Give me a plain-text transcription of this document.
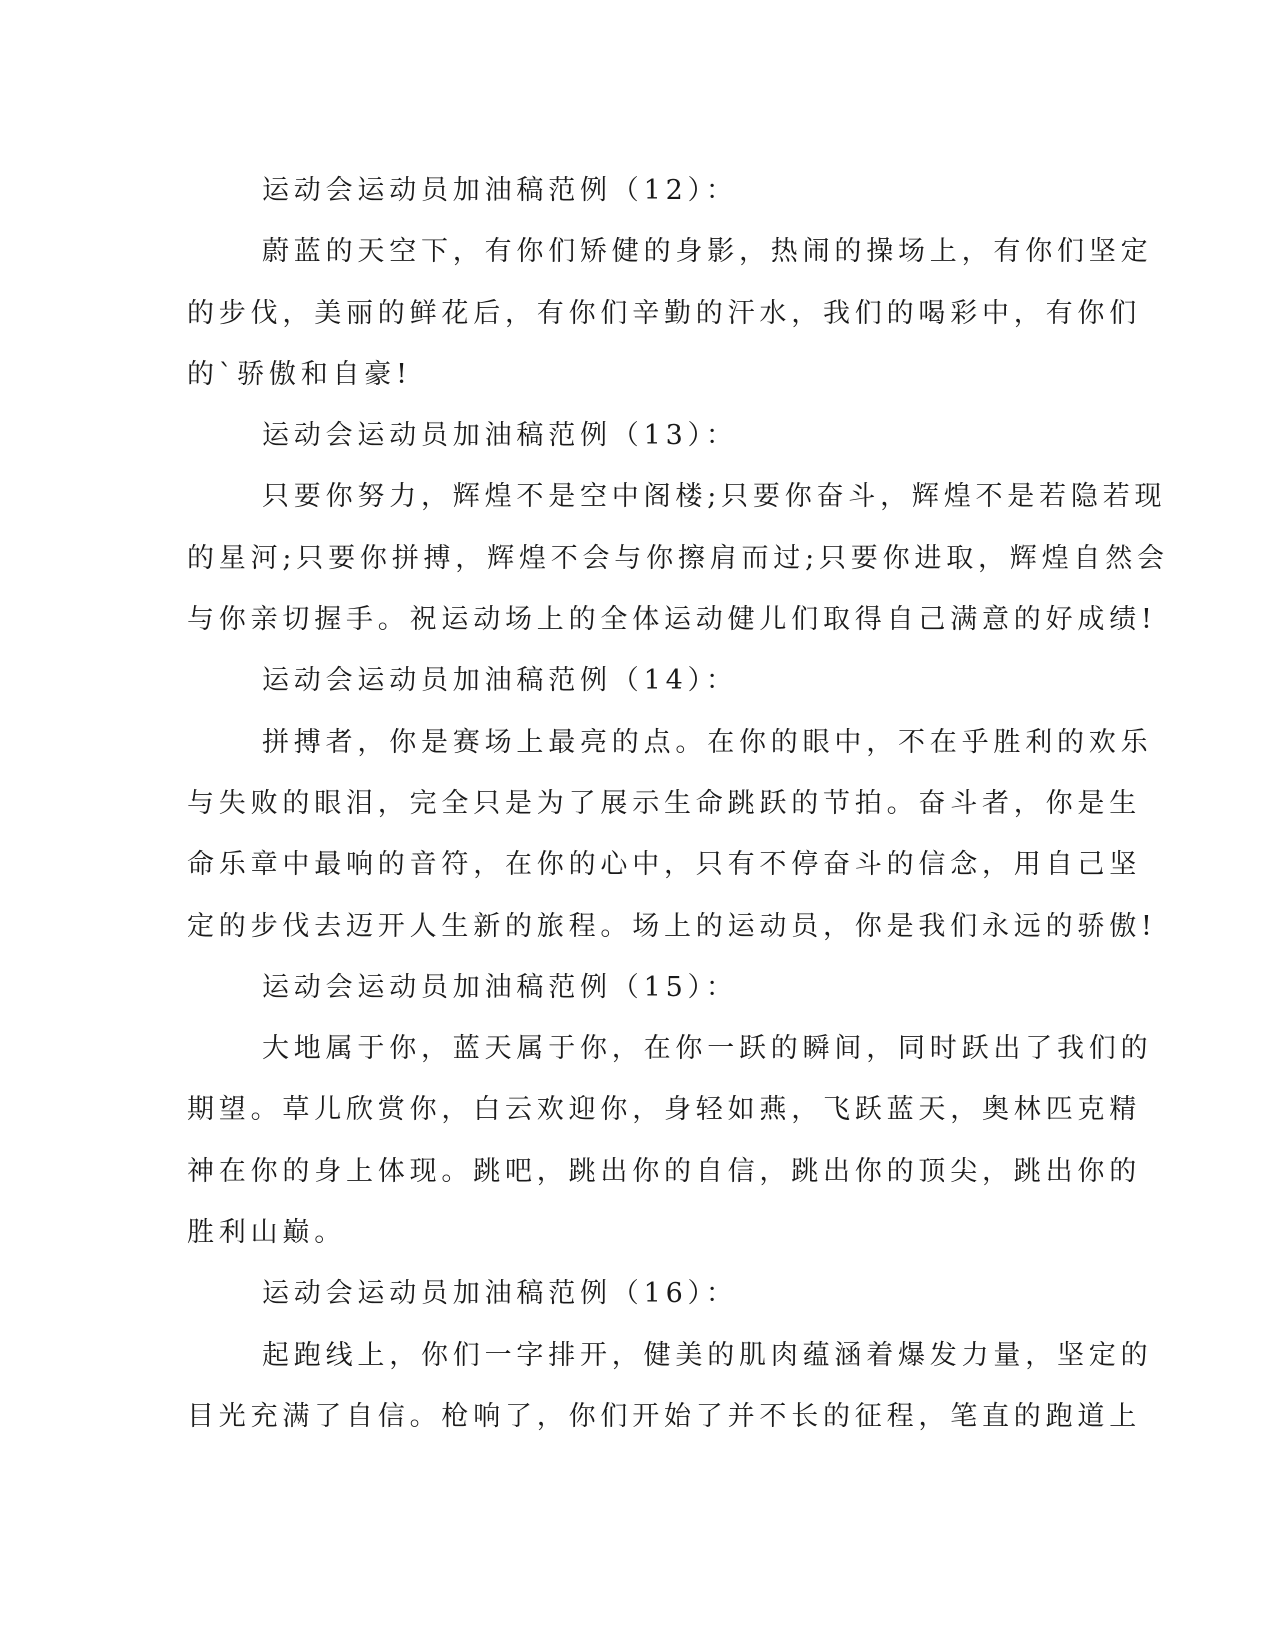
运动会运动员加油稿范例（12）：

蔚蓝的天空下，有你们矫健的身影，热闹的操场上，有你们坚定
的步伐，美丽的鲜花后，有你们辛勤的汗水，我们的喝彩中，有你们
的`骄傲和自豪!

运动会运动员加油稿范例（13）：

只要你努力，辉煌不是空中阁楼;只要你奋斗，辉煌不是若隐若现
的星河;只要你拼搏，辉煌不会与你擦肩而过;只要你进取，辉煌自然会
与你亲切握手。祝运动场上的全体运动健儿们取得自己满意的好成绩!

运动会运动员加油稿范例（14）：

拼搏者，你是赛场上最亮的点。在你的眼中，不在乎胜利的欢乐
与失败的眼泪，完全只是为了展示生命跳跃的节拍。奋斗者，你是生
命乐章中最响的音符，在你的心中，只有不停奋斗的信念，用自己坚
定的步伐去迈开人生新的旅程。场上的运动员，你是我们永远的骄傲!

运动会运动员加油稿范例（15）：

大地属于你，蓝天属于你，在你一跃的瞬间，同时跃出了我们的
期望。草儿欣赏你，白云欢迎你，身轻如燕，飞跃蓝天，奥林匹克精
神在你的身上体现。跳吧，跳出你的自信，跳出你的顶尖，跳出你的
胜利山巅。

运动会运动员加油稿范例（16）：

起跑线上，你们一字排开，健美的肌肉蕴涵着爆发力量，坚定的
目光充满了自信。枪响了，你们开始了并不长的征程，笔直的跑道上
